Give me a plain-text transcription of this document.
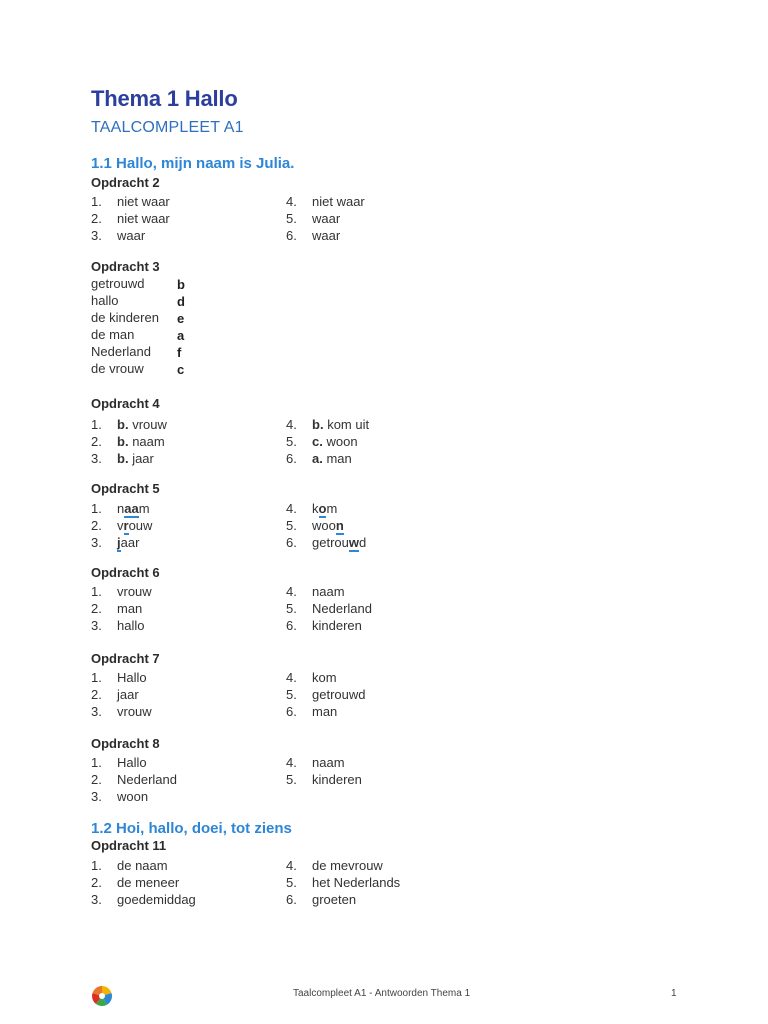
Thema 1 Hallo
TAALCOMPLEET A1
1.1 Hallo, mijn naam is Julia.
Opdracht 2
1. niet waar
2. niet waar
3. waar
4. niet waar
5. waar
6. waar
Opdracht 3
getrouwd	b
hallo	d
de kinderen e
de man	a
Nederland f
de vrouw	c
Opdracht 4
1. b. vrouw
2. b. naam
3. b. jaar
4. b. kom uit
5. c. woon
6. a. man
Opdracht 5
1. naam
2. vrouw
3. jaar
4. kom
5. woon
6. getrouwd
Opdracht 6
1. vrouw
2. man
3. hallo
4. naam
5. Nederland
6. kinderen
Opdracht 7
1. Hallo
2. jaar
3. vrouw
4. kom
5. getrouwd
6. man
Opdracht 8
1. Hallo
2. Nederland
3. woon
4. naam
5. kinderen
1.2 Hoi, hallo, doei, tot ziens
Opdracht 11
1. de naam
2. de meneer
3. goedemiddag
4. de mevrouw
5. het Nederlands
6. groeten
Taalcompleet A1 - Antwoorden Thema 1	1
